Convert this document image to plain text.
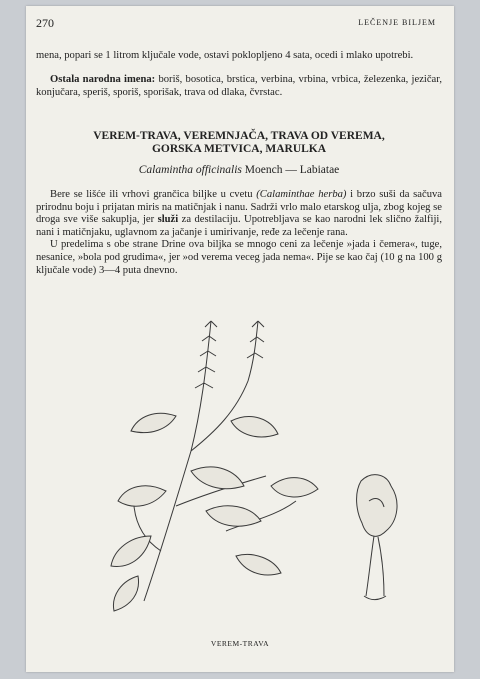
270	LEČENJE BILJEM

mena, popari se 1 litrom ključale vode, ostavi poklopljeno 4 sata, ocedi i mlako upotrebi.

Ostala narodna imena: boriš, bosotica, brstica, verbina, vrbina, vrbica, železenka, jezičar, konjučara, speriš, sporiš, sporišak, trava od dlaka, čvrstac.

VEREM-TRAVA, VEREMNJAČA, TRAVA OD VEREMA,
GORSKA METVICA, MARULKA
Calamintha officinalis Moench — Labiatae

Bere se lišće ili vrhovi grančica biljke u cvetu (Calaminthae herba) i brzo suši da sačuva prirodnu boju i prijatan miris na matičnjak i nanu. Sadrži vrlo malo etarskog ulja, zbog kojeg se droga sve više sakuplja, jer služi za destilaciju. Upotrebljava se kao narodni lek slično žalfiji, nani i matičnjaku, uglavnom za jačanje i umirivanje, ređe za lečenje rana.

U predelima s obe strane Drine ova biljka se mnogo ceni za lečenje »jada i čemera«, tuge, nesanice, »bola pod grudima«, jer »od verema veceg jada nema«. Pije se kao čaj (10 g na 100 g ključale vode) 3—4 puta dnevno.

VEREM-TRAVA
